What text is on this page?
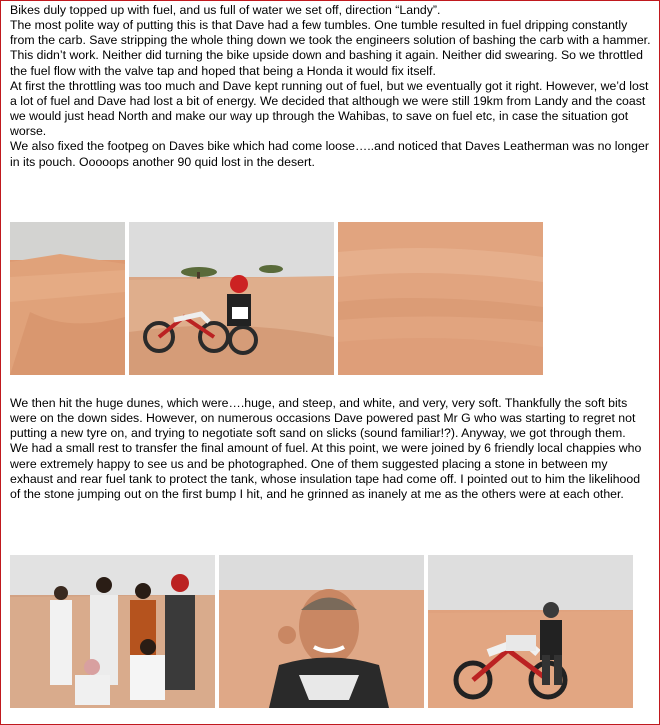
Bikes duly topped up with fuel, and us full of water we set off, direction “Landy”.

The most polite way of putting this is that Dave had a few tumbles. One tumble resulted in fuel dripping constantly from the carb. Save stripping the whole thing down we took the engineers solution of bashing the carb with a hammer. This didn’t work. Neither did turning the bike upside down and bashing it again. Neither did swearing. So we throttled the fuel flow with the valve tap and hoped that being a Honda it would fix itself.

At first the throttling was too much and Dave kept running out of fuel, but we eventually got it right. However, we’d lost a lot of fuel and Dave had lost a bit of energy. We decided that although we were still 19km from Landy and the coast we would just head North and make our way up through the Wahibas, to save on fuel etc, in case the situation got worse.

We also fixed the footpeg on Daves bike which had come loose…..and noticed that Daves Leatherman was no longer in its pouch. Ooooops another 90 quid lost in the desert.

We then hit the huge dunes, which were….huge, and steep, and white, and very, very soft. Thankfully the soft bits were on the down sides. However, on numerous occasions Dave powered past Mr G who was starting to regret not putting a new tyre on, and trying to negotiate soft sand on slicks (sound familiar!?). Anyway, we got through them.

We had a small rest to transfer the final amount of fuel. At this point, we were joined by 6 friendly local chappies who were extremely happy to see us and be photographed. One of them suggested placing a stone in between my exhaust and rear fuel tank to protect the tank, whose insulation tape had come off. I pointed out to him the likelihood of the stone jumping out on the first bump I hit, and he grinned as inanely at me as the others were at each other.
